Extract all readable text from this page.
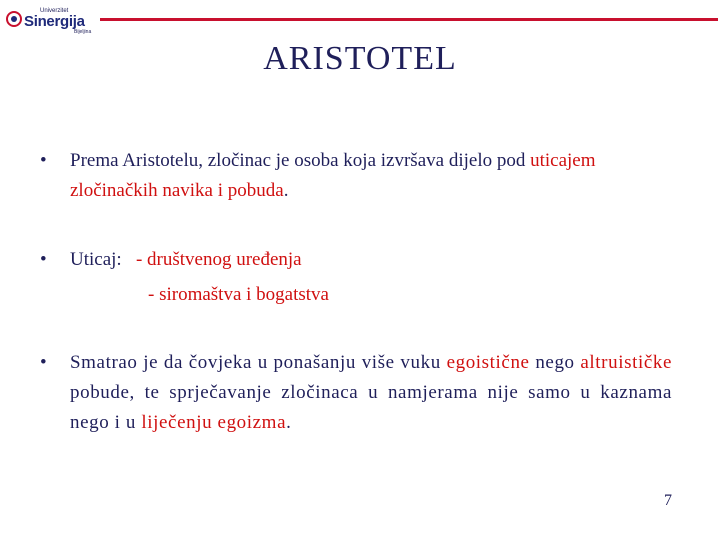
Univerzitet
Sinergija
Bijeljina
ARISTOTEL
• Prema Aristotelu, zločinac je osoba koja izvršava dijelo pod uticajem zločinačkih navika i pobuda.
• Uticaj:   - društvenog uređenja
- siromaštva i bogatstva
• Smatrao je da čovjeka u ponašanju više vuku egoistične nego altruističke pobude, te sprječavanje zločinaca u namjerama nije samo u kaznama nego i u liječenju egoizma.
7
